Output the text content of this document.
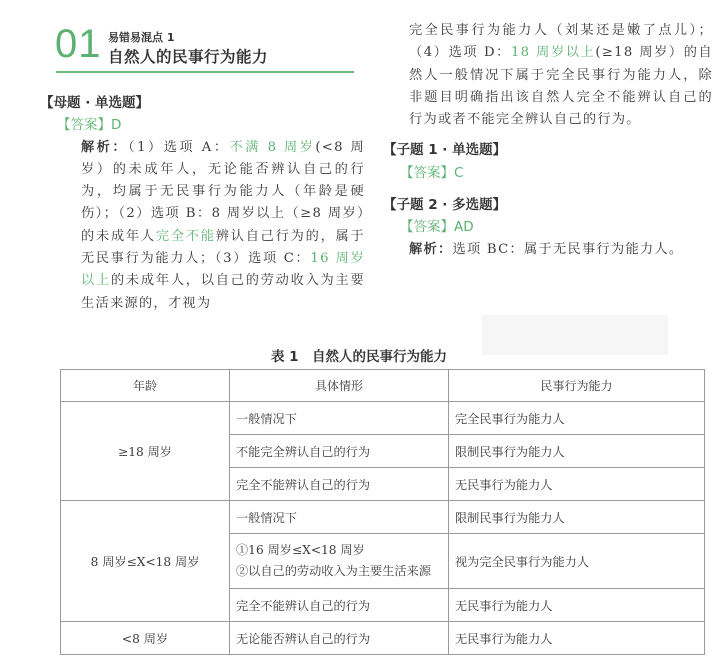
01 易错易混点 1
自然人的民事行为能力
【母题 · 单选题】
【答案】D
解析：（1）选项 A：不满 8 周岁(<8 周岁）的未成年人，无论能否辨认自己的行为，均属于无民事行为能力人（年龄是硬伤）；（2）选项 B：8 周岁以上（≥8 周岁）的未成年人完全不能辨认自己行为的，属于无民事行为能力人；（3）选项 C：16 周岁以上的未成年人，以自己的劳动收入为主要生活来源的，才视为
完全民事行为能力人（刘某还是嫩了点儿）；（4）选项 D：18 周岁以上(≥18 周岁）的自然人一般情况下属于完全民事行为能力人，除非题目明确指出该自然人完全不能辨认自己的行为或者不能完全辨认自己的行为。
【子题 1 · 单选题】
【答案】C
【子题 2 · 多选题】
【答案】AD
解析：选项 BC：属于无民事行为能力人。
表 1　自然人的民事行为能力
年龄	具体情形	民事行为能力
≥18 周岁	一般情况下	完全民事行为能力人

	不能完全辨认自己的行为	限制民事行为能力人

	完全不能辨认自己的行为	无民事行为能力人
8 周岁≤X<18 周岁	一般情况下	限制民事行为能力人

	①16 周岁≤X<18 周岁
②以自己的劳动收入为主要生活来源	视为完全民事行为能力人

	完全不能辨认自己的行为	无民事行为能力人
<8 周岁	无论能否辨认自己的行为	无民事行为能力人
